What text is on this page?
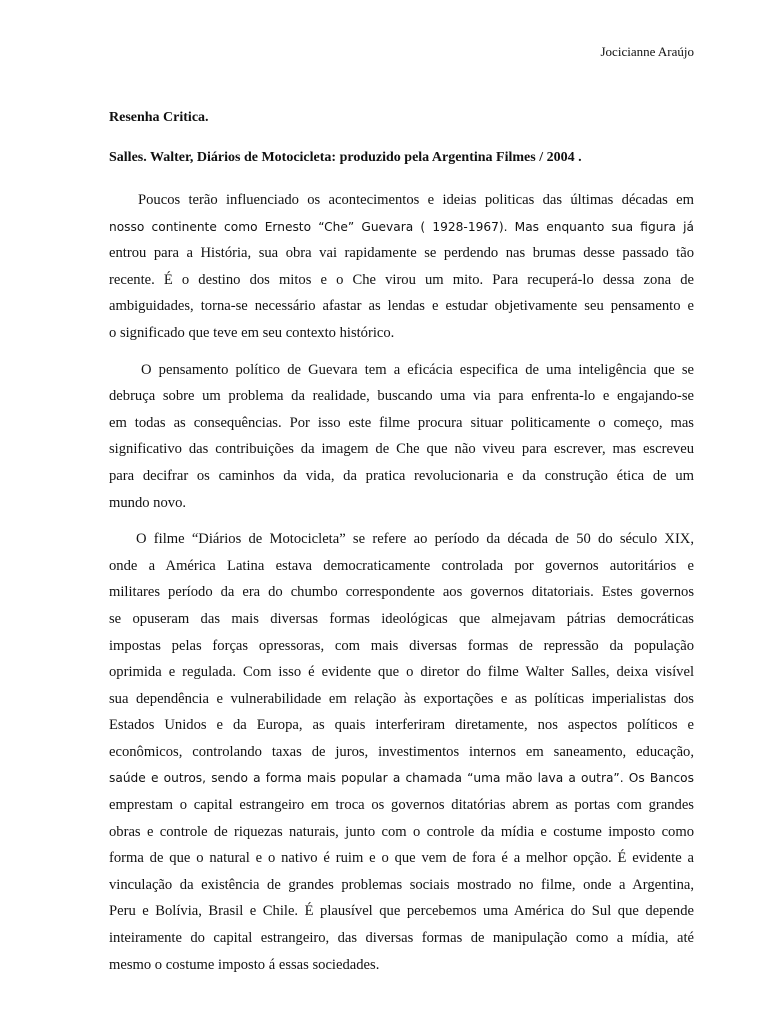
Jocicianne Araújo
Resenha Critica.
Salles. Walter, Diários de Motocicleta: produzido pela Argentina Filmes / 2004 .
Poucos terão influenciado os acontecimentos e ideias politicas das últimas décadas em
nosso continente como Ernesto “Che” Guevara ( 1928-1967). Mas enquanto sua figura já
entrou para a História, sua obra vai rapidamente se perdendo nas brumas desse passado tão
recente. É o destino dos mitos e o Che virou um mito. Para recuperá-lo dessa zona de
ambiguidades, torna-se necessário afastar as lendas e estudar objetivamente seu pensamento e
o significado que teve em seu contexto histórico.
O pensamento político de Guevara tem a eficácia especifica de uma inteligência que se
debruça sobre um problema da realidade, buscando uma via para enfrenta-lo e engajando-se
em todas as consequências. Por isso este filme procura situar politicamente o começo, mas
significativo das contribuições da imagem de Che que não viveu para escrever, mas escreveu
para decifrar os caminhos da vida, da pratica revolucionaria e da construção ética de um
mundo novo.
O filme “Diários de Motocicleta” se refere ao período da década de 50 do século XIX,
onde a América Latina estava democraticamente controlada por governos autoritários e
militares período da era do chumbo correspondente aos governos ditatoriais. Estes governos
se opuseram das mais diversas formas ideológicas que almejavam pátrias democráticas
impostas pelas forças opressoras, com mais diversas formas de repressão da população
oprimida e regulada. Com isso é evidente que o diretor do filme Walter Salles, deixa visível
sua dependência e vulnerabilidade em relação às exportações e as políticas imperialistas dos
Estados Unidos e da Europa, as quais interferiram diretamente, nos aspectos políticos e
econômicos, controlando taxas de juros, investimentos internos em saneamento, educação,
saúde e outros, sendo a forma mais popular a chamada “uma mão lava a outra”. Os Bancos
emprestam o capital estrangeiro em troca os governos ditatórias abrem as portas com grandes
obras e controle de riquezas naturais, junto com o controle da mídia e costume imposto como
forma de que o natural e o nativo é ruim e o que vem de fora é a melhor opção. É evidente a
vinculação da existência de grandes problemas sociais mostrado no filme, onde a Argentina,
Peru e Bolívia, Brasil e Chile. É plausível que percebemos uma América do Sul que depende
inteiramente do capital estrangeiro, das diversas formas de manipulação como a mídia, até
mesmo o costume imposto á essas sociedades.
